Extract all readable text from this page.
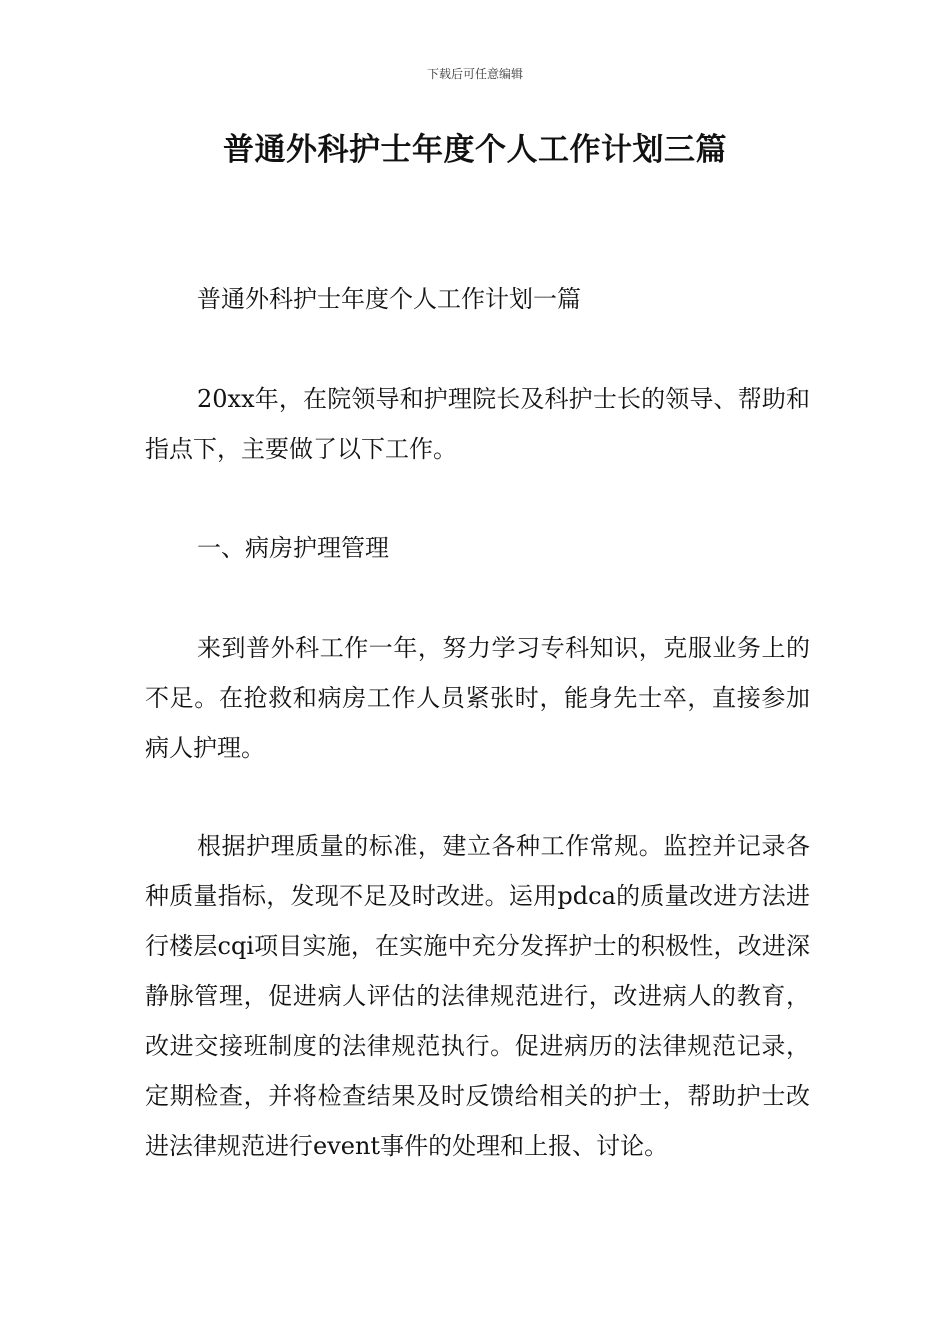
下载后可任意编辑
普通外科护士年度个人工作计划三篇

普通外科护士年度个人工作计划一篇

20xx年，在院领导和护理院长及科护士长的领导、帮助和指点下，主要做了以下工作。

一、病房护理管理

来到普外科工作一年，努力学习专科知识，克服业务上的不足。在抢救和病房工作人员紧张时，能身先士卒，直接参加病人护理。

根据护理质量的标准，建立各种工作常规。监控并记录各种质量指标，发现不足及时改进。运用pdca的质量改进方法进行楼层cqi项目实施，在实施中充分发挥护士的积极性，改进深静脉管理，促进病人评估的法律规范进行，改进病人的教育，改进交接班制度的法律规范执行。促进病历的法律规范记录，定期检查，并将检查结果及时反馈给相关的护士，帮助护士改进法律规范进行event事件的处理和上报、讨论。
